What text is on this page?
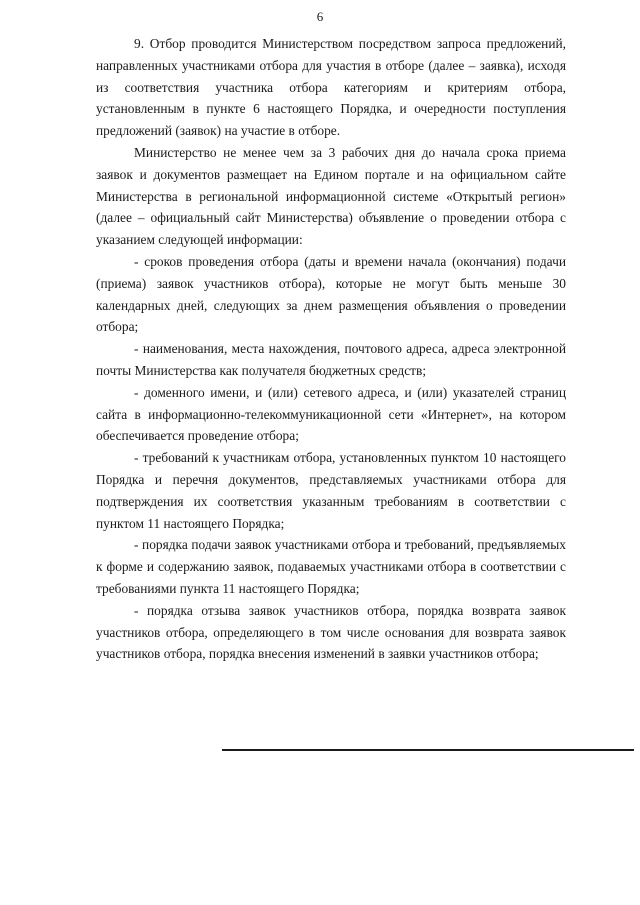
6

9. Отбор проводится Министерством посредством запроса предложений, направленных участниками отбора для участия в отборе (далее – заявка), исходя из соответствия участника отбора категориям и критериям отбора, установленным в пункте 6 настоящего Порядка, и очередности поступления предложений (заявок) на участие в отборе.

Министерство не менее чем за 3 рабочих дня до начала срока приема заявок и документов размещает на Едином портале и на официальном сайте Министерства в региональной информационной системе «Открытый регион» (далее – официальный сайт Министерства) объявление о проведении отбора с указанием следующей информации:

- сроков проведения отбора (даты и времени начала (окончания) подачи (приема) заявок участников отбора), которые не могут быть меньше 30 календарных дней, следующих за днем размещения объявления о проведении отбора;

- наименования, места нахождения, почтового адреса, адреса электронной почты Министерства как получателя бюджетных средств;

- доменного имени, и (или) сетевого адреса, и (или) указателей страниц сайта в информационно-телекоммуникационной сети «Интернет», на котором обеспечивается проведение отбора;

- требований к участникам отбора, установленных пунктом 10 настоящего Порядка и перечня документов, представляемых участниками отбора для подтверждения их соответствия указанным требованиям в соответствии с пунктом 11 настоящего Порядка;

- порядка подачи заявок участниками отбора и требований, предъявляемых к форме и содержанию заявок, подаваемых участниками отбора в соответствии с требованиями пункта 11 настоящего Порядка;

- порядка отзыва заявок участников отбора, порядка возврата заявок участников отбора, определяющего в том числе основания для возврата заявок участников отбора, порядка внесения изменений в заявки участников отбора;
